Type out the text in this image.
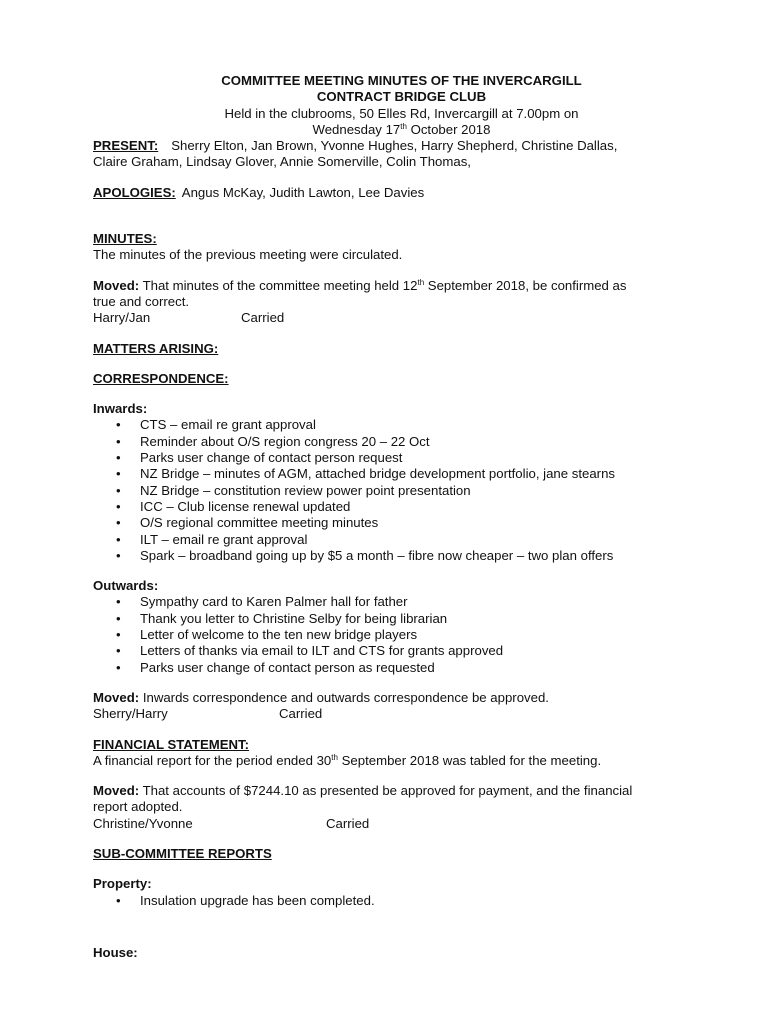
COMMITTEE MEETING MINUTES OF THE INVERCARGILL

CONTRACT BRIDGE CLUB

Held in the clubrooms, 50 Elles Rd, Invercargill at 7.00pm on

Wednesday 17th October 2018

PRESENT: Sherry Elton, Jan Brown, Yvonne Hughes, Harry Shepherd, Christine Dallas,

Claire Graham, Lindsay Glover, Annie Somerville, Colin Thomas,

APOLOGIES: Angus McKay, Judith Lawton, Lee Davies

MINUTES:

The minutes of the previous meeting were circulated.

Moved: That minutes of the committee meeting held 12th September 2018, be confirmed as

true and correct.

Harry/Jan	Carried

MATTERS ARISING:

CORRESPONDENCE:

Inwards:

• CTS – email re grant approval
• Reminder about O/S region congress 20 – 22 Oct
• Parks user change of contact person request
• NZ Bridge – minutes of AGM, attached bridge development portfolio, jane stearns
• NZ Bridge – constitution review power point presentation
• ICC – Club license renewal updated
• O/S regional committee meeting minutes
• ILT – email re grant approval
• Spark – broadband going up by $5 a month – fibre now cheaper – two plan offers

Outwards:

• Sympathy card to Karen Palmer hall for father
• Thank you letter to Christine Selby for being librarian
• Letter of welcome to the ten new bridge players
• Letters of thanks via email to ILT and CTS for grants approved
• Parks user change of contact person as requested

Moved: Inwards correspondence and outwards correspondence be approved.

Sherry/Harry	Carried

FINANCIAL STATEMENT:

A financial report for the period ended 30th September 2018 was tabled for the meeting.

Moved: That accounts of $7244.10 as presented be approved for payment, and the financial

report adopted.

Christine/Yvonne	Carried

SUB-COMMITTEE REPORTS

Property:

• Insulation upgrade has been completed.

House:
